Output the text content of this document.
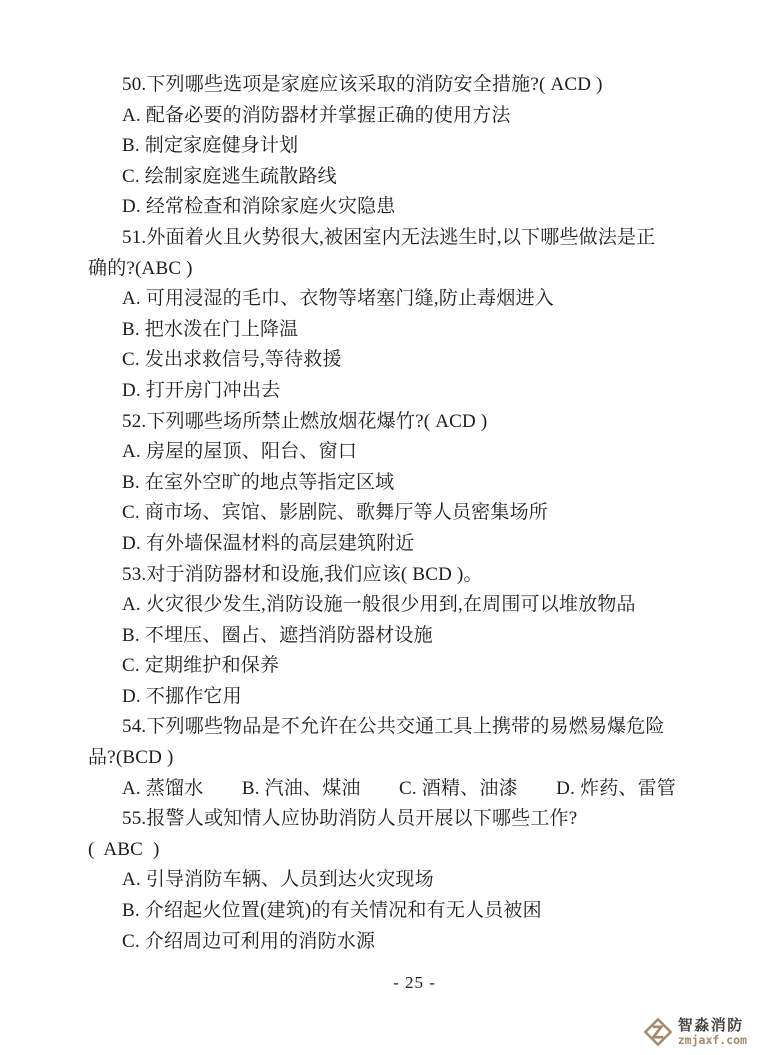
50.下列哪些选项是家庭应该采取的消防安全措施?( ACD )

A. 配备必要的消防器材并掌握正确的使用方法

B. 制定家庭健身计划

C. 绘制家庭逃生疏散路线

D. 经常检查和消除家庭火灾隐患

51.外面着火且火势很大,被困室内无法逃生时,以下哪些做法是正

确的?(ABC )

A. 可用浸湿的毛巾、衣物等堵塞门缝,防止毒烟进入

B. 把水泼在门上降温

C. 发出求救信号,等待救援

D. 打开房门冲出去

52.下列哪些场所禁止燃放烟花爆竹?( ACD )

A. 房屋的屋顶、阳台、窗口

B. 在室外空旷的地点等指定区域

C. 商市场、宾馆、影剧院、歌舞厅等人员密集场所

D. 有外墙保温材料的高层建筑附近

53.对于消防器材和设施,我们应该( BCD )。

A. 火灾很少发生,消防设施一般很少用到,在周围可以堆放物品

B. 不埋压、圈占、遮挡消防器材设施

C. 定期维护和保养

D. 不挪作它用

54.下列哪些物品是不允许在公共交通工具上携带的易燃易爆危险

品?(BCD )

A. 蒸馏水　　B. 汽油、煤油　　C. 酒精、油漆　　D. 炸药、雷管

55.报警人或知情人应协助消防人员开展以下哪些工作?

(  ABC  )

A. 引导消防车辆、人员到达火灾现场

B. 介绍起火位置(建筑)的有关情况和有无人员被困

C. 介绍周边可利用的消防水源

- 25 -
智淼消防
zmjaxf.com
